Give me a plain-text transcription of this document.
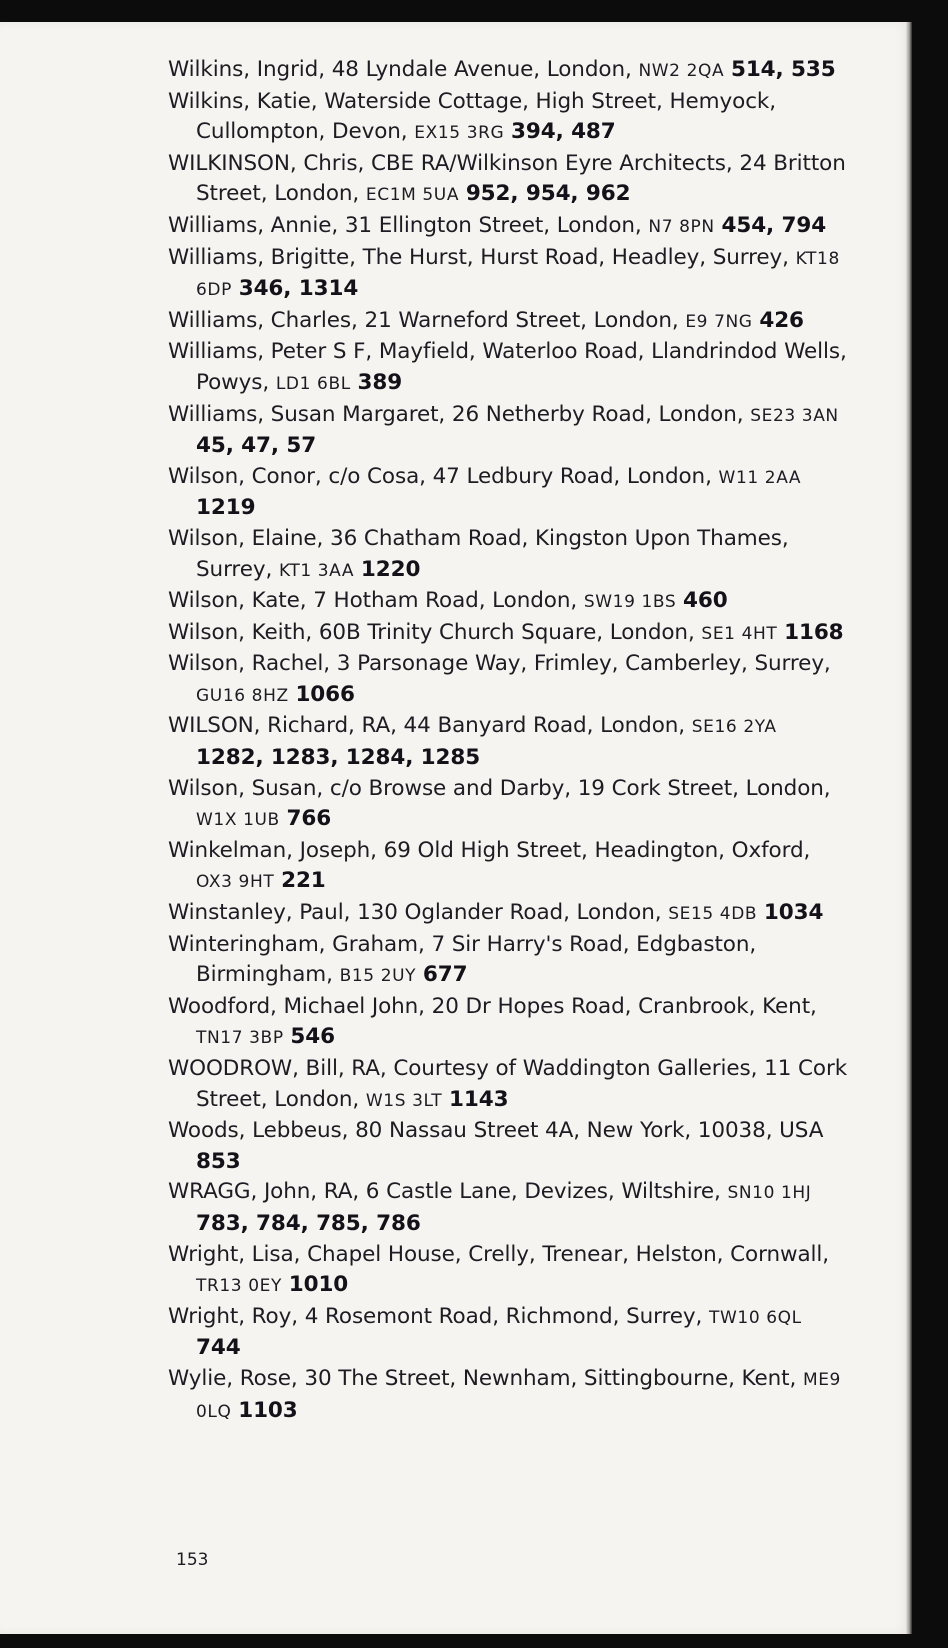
Wilkins, Ingrid, 48 Lyndale Avenue, London, NW2 2QA 514, 535

Wilkins, Katie, Waterside Cottage, High Street, Hemyock, Cullompton, Devon, EX15 3RG 394, 487

WILKINSON, Chris, CBE RA/Wilkinson Eyre Architects, 24 Britton Street, London, EC1M 5UA 952, 954, 962

Williams, Annie, 31 Ellington Street, London, N7 8PN 454, 794

Williams, Brigitte, The Hurst, Hurst Road, Headley, Surrey, KT18 6DP 346, 1314

Williams, Charles, 21 Warneford Street, London, E9 7NG 426

Williams, Peter S F, Mayfield, Waterloo Road, Llandrindod Wells, Powys, LD1 6BL 389

Williams, Susan Margaret, 26 Netherby Road, London, SE23 3AN 45, 47, 57

Wilson, Conor, c/o Cosa, 47 Ledbury Road, London, W11 2AA 1219

Wilson, Elaine, 36 Chatham Road, Kingston Upon Thames, Surrey, KT1 3AA 1220

Wilson, Kate, 7 Hotham Road, London, SW19 1BS 460

Wilson, Keith, 60B Trinity Church Square, London, SE1 4HT 1168

Wilson, Rachel, 3 Parsonage Way, Frimley, Camberley, Surrey, GU16 8HZ 1066

WILSON, Richard, RA, 44 Banyard Road, London, SE16 2YA 1282, 1283, 1284, 1285

Wilson, Susan, c/o Browse and Darby, 19 Cork Street, London, W1X 1UB 766

Winkelman, Joseph, 69 Old High Street, Headington, Oxford, OX3 9HT 221

Winstanley, Paul, 130 Oglander Road, London, SE15 4DB 1034

Winteringham, Graham, 7 Sir Harry's Road, Edgbaston, Birmingham, B15 2UY 677

Woodford, Michael John, 20 Dr Hopes Road, Cranbrook, Kent, TN17 3BP 546

WOODROW, Bill, RA, Courtesy of Waddington Galleries, 11 Cork Street, London, W1S 3LT 1143

Woods, Lebbeus, 80 Nassau Street 4A, New York, 10038, USA 853

WRAGG, John, RA, 6 Castle Lane, Devizes, Wiltshire, SN10 1HJ 783, 784, 785, 786

Wright, Lisa, Chapel House, Crelly, Trenear, Helston, Cornwall, TR13 0EY 1010

Wright, Roy, 4 Rosemont Road, Richmond, Surrey, TW10 6QL 744

Wylie, Rose, 30 The Street, Newnham, Sittingbourne, Kent, ME9 0LQ 1103

153
